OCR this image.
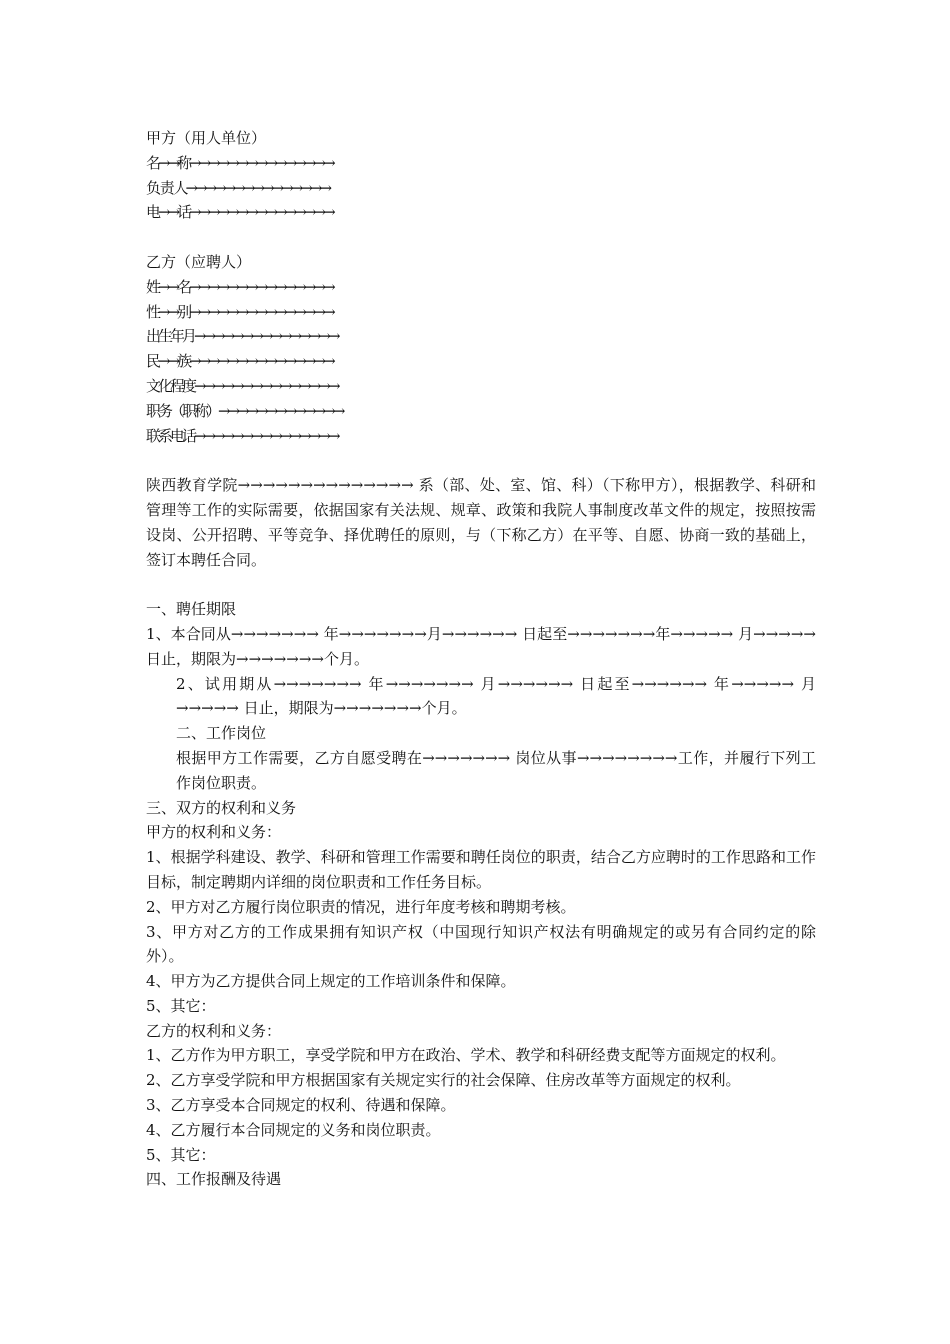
甲方（用人单位）
名→→称→→→→→→→→→→→→→→→
负 责 人→→→→→→→→→→→→→→→
电→→话→→→→→→→→→→→→→→→
乙方（应聘人）
姓→→名→→→→→→→→→→→→→→→
性→→别→→→→→→→→→→→→→→→
出生年月→→→→→→→→→→→→→→→
民→→族→→→→→→→→→→→→→→→
文化程度→→→→→→→→→→→→→→→
职务（职称）→→→→→→→→→→→→→
联系电话→→→→→→→→→→→→→→→
陕西教育学院→→→→→→→→→→→→→→ 系（部、处、室、馆、科）（下称甲方），根据教学、科研和管理等工作的实际需要，依据国家有关法规、规章、政策和我院人事制度改革文件的规定，按照按需设岗、公开招聘、平等竞争、择优聘任的原则，与（下称乙方）在平等、自愿、协商一致的基础上，签订本聘任合同。
一、聘任期限
1、本合同从→→→→→→→ 年→→→→→→→月→→→→→→ 日起至→→→→→→→年→→→→→ 月→→→→→日止，期限为→→→→→→→个月。
2、试用期从→→→→→→→ 年→→→→→→→ 月→→→→→→ 日起至→→→→→→ 年→→→→→ 月→→→→→ 日止，期限为→→→→→→→个月。
二、工作岗位
根据甲方工作需要，乙方自愿受聘在→→→→→→→ 岗位从事→→→→→→→→工作，并履行下列工作岗位职责。
三、双方的权利和义务
甲方的权利和义务：
1、根据学科建设、教学、科研和管理工作需要和聘任岗位的职责，结合乙方应聘时的工作思路和工作目标，制定聘期内详细的岗位职责和工作任务目标。
2、甲方对乙方履行岗位职责的情况，进行年度考核和聘期考核。
3、甲方对乙方的工作成果拥有知识产权（中国现行知识产权法有明确规定的或另有合同约定的除外）。
4、甲方为乙方提供合同上规定的工作培训条件和保障。
5、其它：
乙方的权利和义务：
1、乙方作为甲方职工，享受学院和甲方在政治、学术、教学和科研经费支配等方面规定的权利。
2、乙方享受学院和甲方根据国家有关规定实行的社会保障、住房改革等方面规定的权利。
3、乙方享受本合同规定的权利、待遇和保障。
4、乙方履行本合同规定的义务和岗位职责。
5、其它：
四、工作报酬及待遇
